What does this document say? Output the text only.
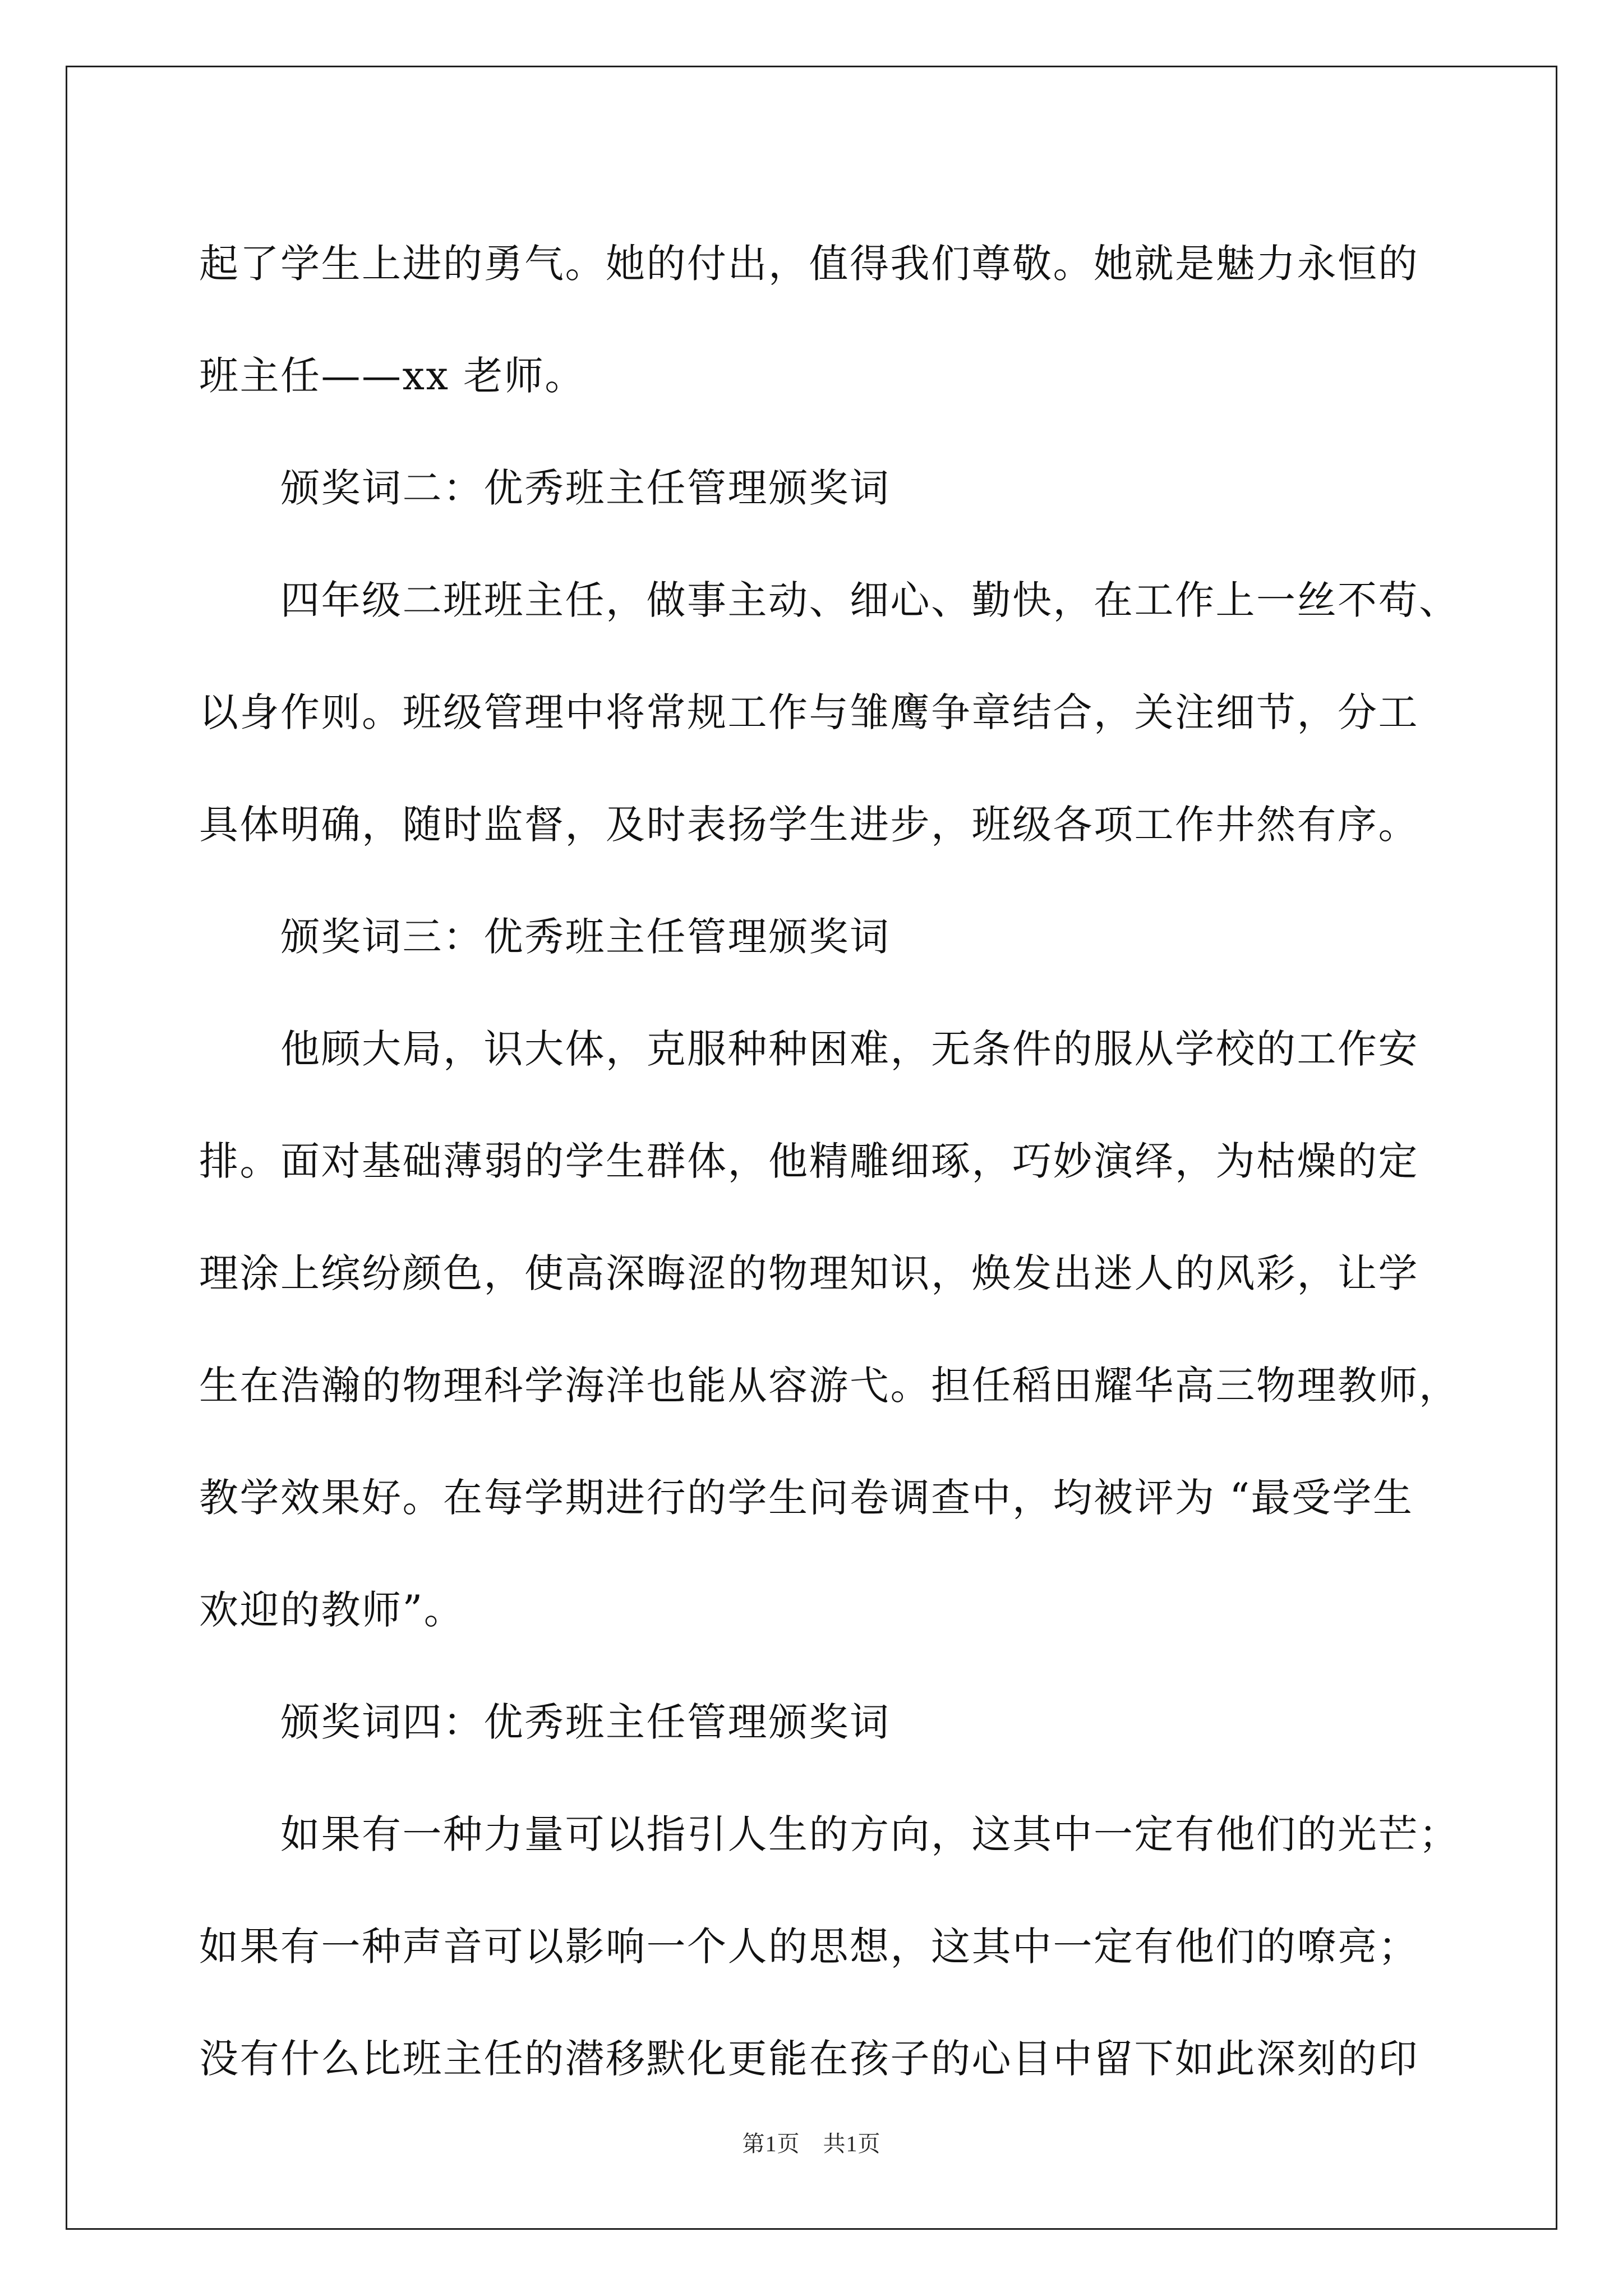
起了学生上进的勇气。她的付出，值得我们尊敬。她就是魅力永恒的
班主任——xx 老师。
颁奖词二：优秀班主任管理颁奖词
四年级二班班主任，做事主动、细心、勤快，在工作上一丝不苟、
以身作则。班级管理中将常规工作与雏鹰争章结合，关注细节，分工
具体明确，随时监督，及时表扬学生进步，班级各项工作井然有序。
颁奖词三：优秀班主任管理颁奖词
他顾大局，识大体，克服种种困难，无条件的服从学校的工作安
排。面对基础薄弱的学生群体，他精雕细琢，巧妙演绎，为枯燥的定
理涂上缤纷颜色，使高深晦涩的物理知识，焕发出迷人的风彩，让学
生在浩瀚的物理科学海洋也能从容游弋。担任稻田耀华高三物理教师，
教学效果好。在每学期进行的学生问卷调查中，均被评为 “最受学生
欢迎的教师”。
颁奖词四：优秀班主任管理颁奖词
如果有一种力量可以指引人生的方向，这其中一定有他们的光芒；
如果有一种声音可以影响一个人的思想，这其中一定有他们的嘹亮；
没有什么比班主任的潜移默化更能在孩子的心目中留下如此深刻的印
第1页　共1页
